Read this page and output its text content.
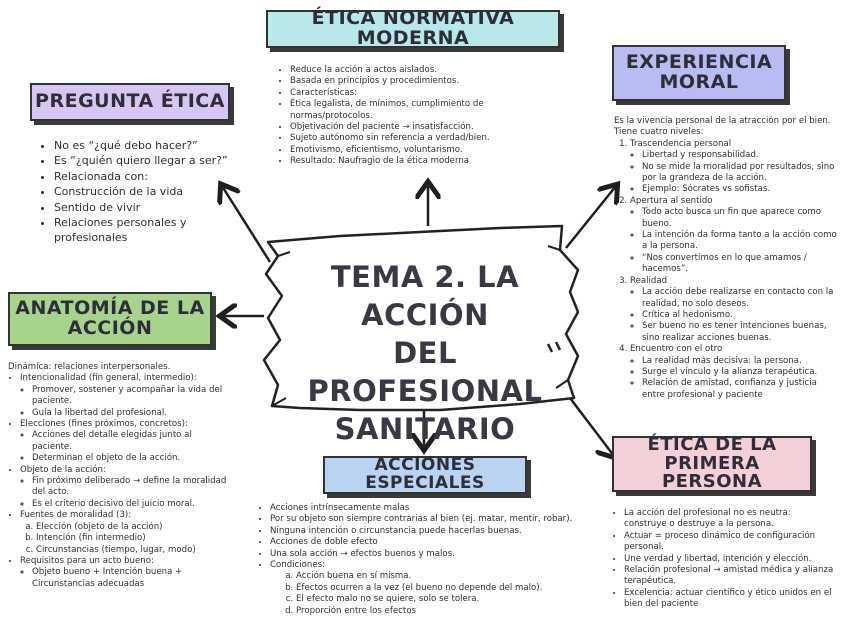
TEMA 2. LA ACCIÓN
DEL PROFESIONAL
SANITARIO
ÉTICA NORMATIVA MODERNA
• Reduce la acción a actos aislados.
• Basada en principios y procedimientos.
• Características:
• Ética legalista, de mínimos, cumplimiento de normas/protocolos.
• Objetivación del paciente → insatisfacción.
• Sujeto autónomo sin referencia a verdad/bien.
• Emotivismo, eficientismo, voluntarismo.
• Resultado: Naufragio de la ética moderna
PREGUNTA ÉTICA
• No es “¿qué debo hacer?”
• Es “¿quién quiero llegar a ser?”
• Relacionada con:
• Construcción de la vida
• Sentido de vivir
• Relaciones personales y profesionales
EXPERIENCIA
MORAL
Es la vivencia personal de la atracción por el bien. Tiene cuatro niveles:
1. Trascendencia personal
◦ Libertad y responsabilidad.
◦ No se mide la moralidad por resultados, sino por la grandeza de la acción.
◦ Ejemplo: Sócrates vs sofistas.
2. Apertura al sentido
◦ Todo acto busca un fin que aparece como bueno.
◦ La intención da forma tanto a la acción como a la persona.
◦ “Nos convertimos en lo que amamos / hacemos”.
3. Realidad
◦ La acción debe realizarse en contacto con la realidad, no solo deseos.
◦ Crítica al hedonismo.
◦ Ser bueno no es tener intenciones buenas, sino realizar acciones buenas.
4. Encuentro con el otro
◦ La realidad más decisiva: la persona.
◦ Surge el vínculo y la alianza terapéutica.
◦ Relación de amistad, confianza y justicia entre profesional y paciente
ANATOMÍA DE LA
ACCIÓN
Dinámica: relaciones interpersonales.
• Intencionalidad (fin general, intermedio):
◦ Promover, sostener y acompañar la vida del paciente.
◦ Guía la libertad del profesional.
• Elecciones (fines próximos, concretos):
◦ Acciones del detalle elegidas junto al paciente.
◦ Determinan el objeto de la acción.
• Objeto de la acción:
◦ Fin próximo deliberado → define la moralidad del acto.
◦ Es el criterio decisivo del juicio moral.
• Fuentes de moralidad (3):
a. Elección (objeto de la acción)
b. Intención (fin intermedio)
c. Circunstancias (tiempo, lugar, modo)
• Requisitos para un acto bueno:
◦ Objeto bueno + Intención buena + Circunstancias adecuadas
ACCIONES ESPECIALES
• Acciones intrínsecamente malas
• Por su objeto son siempre contrarias al bien (ej. matar, mentir, robar).
• Ninguna intención o circunstancia puede hacerlas buenas.
• Acciones de doble efecto
• Una sola acción → efectos buenos y malos.
• Condiciones:
a. Acción buena en sí misma.
b. Efectos ocurren a la vez (el bueno no depende del malo).
c. El efecto malo no se quiere, solo se tolera.
d. Proporción entre los efectos
ÉTICA DE LA PRIMERA
PERSONA
• La acción del profesional no es neutra: construye o destruye a la persona.
• Actuar = proceso dinámico de configuración personal.
• Une verdad y libertad, intención y elección.
• Relación profesional → amistad médica y alianza terapéutica.
• Excelencia: actuar científico y ético unidos en el bien del paciente
